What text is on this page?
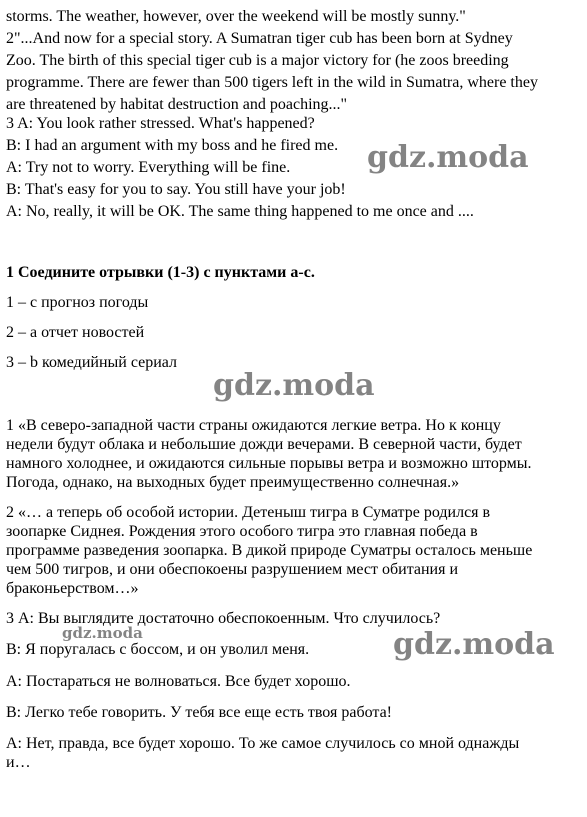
storms. The weather, however, over the weekend will be mostly sunny."
2"...And now for a special story. A Sumatran tiger cub has been born at Sydney
Zoo. The birth of this special tiger cub is a major victory for (he zoos breeding
programme. There are fewer than 500 tigers left in the wild in Sumatra, where they
are threatened by habitat destruction and poaching..."
3 A: You look rather stressed. What's happened?
B: I had an argument with my boss and he fired me.
A: Try not to worry. Everything will be fine.
B: That's easy for you to say. You still have your job!
A: No, really, it will be OK. The same thing happened to me once and ....
1 Соедините отрывки (1-3) с пунктами а-с.
1 – с прогноз погоды
2 – а отчет новостей
3 – b комедийный сериал
1 «В северо-западной части страны ожидаются легкие ветра. Но к концу
недели будут облака и небольшие дожди вечерами. В северной части, будет
намного холоднее, и ожидаются сильные порывы ветра и возможно штормы.
Погода, однако, на выходных будет преимущественно солнечная.»
2 «… а теперь об особой истории. Детеныш тигра в Суматре родился в
зоопарке Сиднея. Рождения этого особого тигра это главная победа в
программе разведения зоопарка. В дикой природе Суматры осталось меньше
чем 500 тигров, и они обеспокоены разрушением мест обитания и
браконьерством…»
3 А: Вы выглядите достаточно обеспокоенным. Что случилось?
В: Я поругалась с боссом, и он уволил меня.
А: Постараться не волноваться. Все будет хорошо.
В: Легко тебе говорить. У тебя все еще есть твоя работа!
А: Нет, правда, все будет хорошо. То же самое случилось со мной однажды
и…
gdz.moda
gdz.moda
gdz.moda	gdz.moda
